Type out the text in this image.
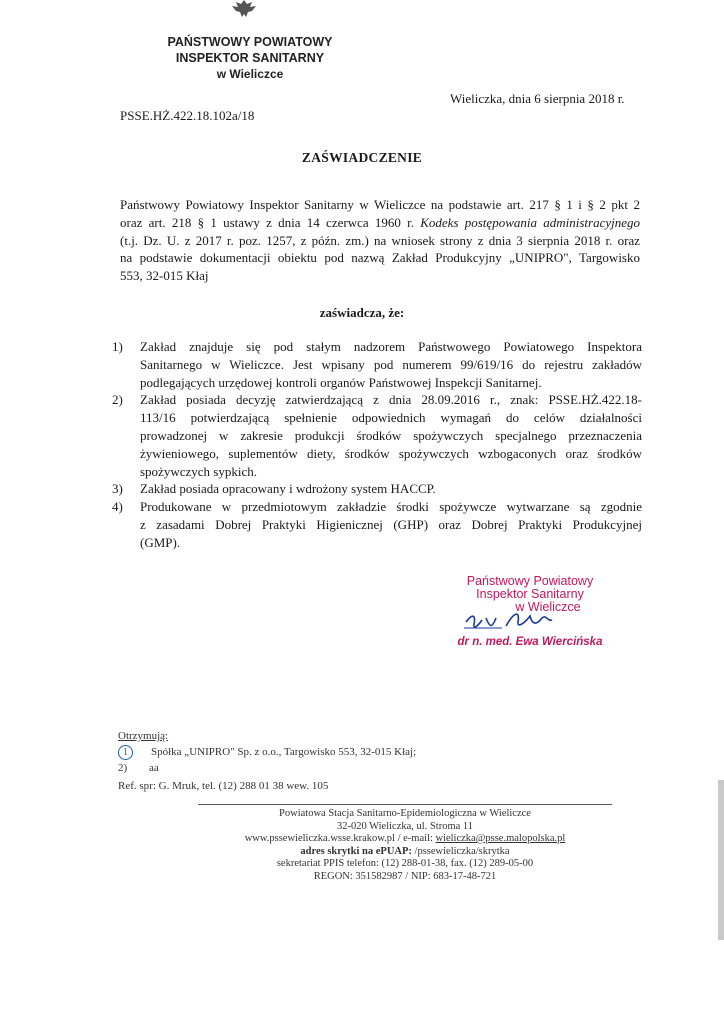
PAŃSTWOWY POWIATOWY
INSPEKTOR SANITARNY
w Wieliczce
Wieliczka, dnia 6 sierpnia 2018 r.
PSSE.HŻ.422.18.102a/18
ZAŚWIADCZENIE
Państwowy Powiatowy Inspektor Sanitarny w Wieliczce na podstawie art. 217 § 1 i § 2 pkt 2
oraz art. 218 § 1 ustawy z dnia 14 czerwca 1960 r. Kodeks postępowania administracyjnego
(t.j. Dz. U. z 2017 r. poz. 1257, z późn. zm.) na wniosek strony z dnia 3 sierpnia 2018 r. oraz
na podstawie dokumentacji obiektu pod nazwą Zakład Produkcyjny „UNIPRO", Targowisko
553, 32-015 Kłaj
zaświadcza, że:
1) Zakład znajduje się pod stałym nadzorem Państwowego Powiatowego Inspektora
Sanitarnego w Wieliczce. Jest wpisany pod numerem 99/619/16 do rejestru zakładów
podlegających urzędowej kontroli organów Państwowej Inspekcji Sanitarnej.
2) Zakład posiada decyzję zatwierdzającą z dnia 28.09.2016 r., znak: PSSE.HŻ.422.18-
113/16 potwierdzającą spełnienie odpowiednich wymagań do celów działalności
prowadzonej w zakresie produkcji środków spożywczych specjalnego przeznaczenia
żywieniowego, suplementów diety, środków spożywczych wzbogaconych oraz środków
spożywczych sypkich.
3) Zakład posiada opracowany i wdrożony system HACCP.
4) Produkowane w przedmiotowym zakładzie środki spożywcze wytwarzane są zgodnie
z zasadami Dobrej Praktyki Higienicznej (GHP) oraz Dobrej Praktyki Produkcyjnej
(GMP).
Państwowy Powiatowy
Inspektor Sanitarny
w Wieliczce
dr n. med. Ewa Wiercińska
Otrzymują:
1 Spółka „UNIPRO" Sp. z o.o., Targowisko 553, 32-015 Kłaj;
2) aa
Ref. spr: G. Mruk, tel. (12) 288 01 38 wew. 105
Powiatowa Stacja Sanitarno-Epidemiologiczna w Wieliczce
32-020 Wieliczka, ul. Stroma 11
www.pssewieliczka.wsse.krakow.pl / e-mail: wieliczka@psse.malopolska.pl
adres skrytki na ePUAP: /pssewieliczka/skrytka
sekretariat PPIS telefon: (12) 288-01-38, fax. (12) 289-05-00
REGON: 351582987 / NIP: 683-17-48-721
